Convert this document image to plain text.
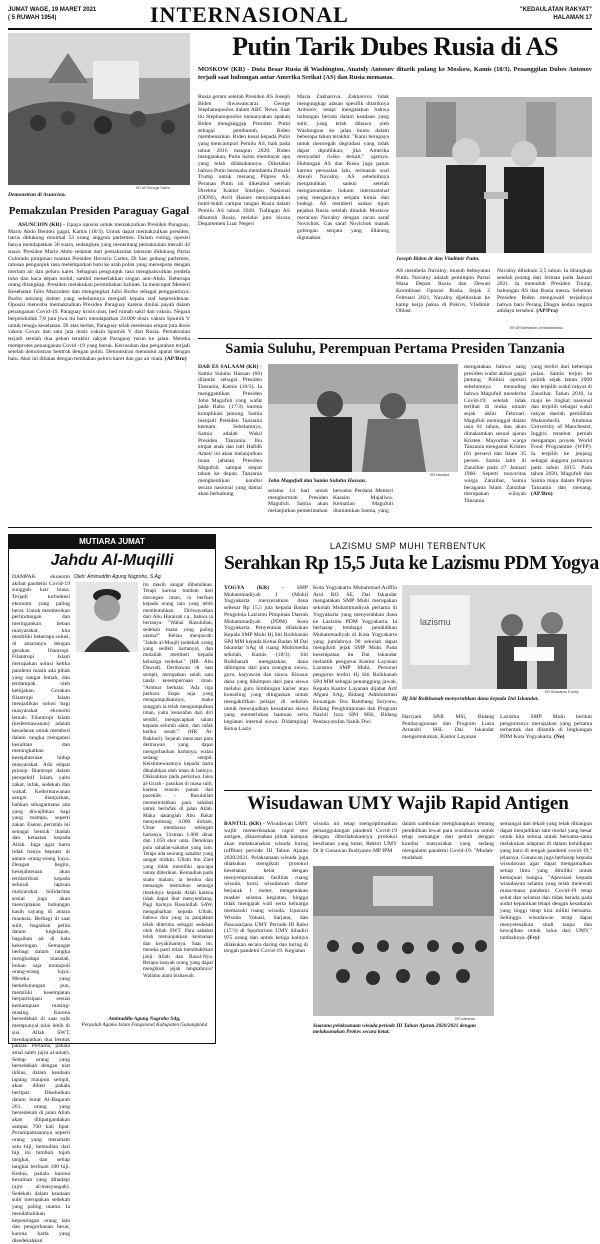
JUMAT WAGE, 19 MARET 2021
( 5 RUWAH 1954)	INTERNASIONAL	"KEDAULATAN RAKYAT"
HALAMAN 17
KR-AP/George Saenz
Demonstran di Asuncion.
Pemakzulan Presiden Paraguay Gagal

ASUNCION (KR) - Upaya oposisi untuk memakzulkan Presiden Paraguay, Mario Abdo Benitez gagal, Kamis (18/3). Untuk dapat memakzulkan presiden, harus didukung minimal 53 orang anggota parlemen. Dalam voting, oposisi hanya mendapatkan 36 suara, sedangkan yang menentang pemakzulan meraih 42 suara. Presiden Mario Abdo selamat dari pemakzulan lantaran didukung Partai Colorado pimpinan mantan Presiden Horacio Cartes. Di luar gedung parlemen, ratusan pengunjuk rasa melemparkan batu ke arah polisi yang merespons dengan meriam air dan peluru karet. Sebagian pengunjuk rasa menghancurkan jendela toko dan kaca depan mobil, sambil meneriakkan slogan anti-Abdo. Beberapa orang ditangkap. Presiden melakukan perombakan kabinet. Ia mencopot Menteri Kesehatan Julio Mazzoleni dan mengangkat Julio Borba sebagai penggantinya. Borba seorang dokter yang sebelumnya menjadi kepala staf kepresidenan. Oposisi mencoba memakzulkan Presiden Paraguay karena dinilai payah dalam penanganan Covid-19. Paraguay krisis obat, bed rumah sakit dan vaksin. Negara berpenduduk 7,8 juta jiwa itu baru mendapatkan 24.000 dosis vaksin Sputnik V untuk tenaga kesehatan. Di atas kertas, Paraguay telah memesan empat juta dosis vaksin Covax dan satu juta dosis vaksin Sputnik V dari Rusia. Pemakzulan terjadi setelah dua pekan terakhir rakyat Paraguay turun ke jalan. Mereka memprotes penanganan Covid -19 yang buruk. Kerusuhan dan penjarahan terjadi setelah demonstran bentrok dengan polisi. Demonstran menuntut aparat dengan batu. Aksi ini dibalas dengan tembakan peluru karet dan gas air mata. (AP/Bro)

Putin Tarik Dubes Rusia di AS
MOSKOW (KR) - Duta Besar Rusia di Washington, Anatoly Antonov ditarik pulang ke Moskow, Kamis (18/3). Penanggilan Dubes Antonov terjadi saat hubungan antar Amerika Serikat (AS) dan Rusia memanas.
Rusia geram setelah Presiden AS Joseph Biden diwawancarai George Stephanopoulos dalam ABC News. Saat itu Stephanopoulos menanyakan apakah Biden menganggap Presiden Putin sebagai pembunuh, Biden membenarkan. Biden kesal kepada Putin yang mencampuri Pemilu AS, baik pada tahun 2016 maupun 2020. Biden mengatakan, Putin harus membayar apa yang telah dilakukannya. Diketahui bahwa Putin berusaha membantu Donald Trump untuk menang Pilpres AS. Peranan Putin ini diketahui setelah Direktur Kantor Intelijen Nasional (ODNI), Avril Haines menyampaikan bukti-bukti campur tangan Rusia dalam Pemilu AS tahun 2020. Tudingan AS dibantah Rusia, melalui juru bicara Departemen Luar Negeri
Maria Zakharova. Zakharova tidak mengungkap alasan spesifik ditariknya Antonov, tetapi mengatakan bahwa hubungan berada dalam keadaan yang sulit, yang telah dibawa oleh Washington ke jalan buntu dalam beberapa tahun terakhir. "Kami berupaya untuk mencegah degradasi yang tidak dapat dipulihkan, jika Amerika menyadari risiko terkait," ujarnya. Hubungan AS dan Rusia juga panas karena persoalan lain, termasuk soal Alexei Navalny. AS sebelumnya menjatuhkan sanksi setelah mengumumkan hukum internasional yang menganiaya senjata kimia dan bodogi. AS memberi sanksi tujuh pejabat Rusia setelah dituduh Moskow meracuni Navalny dengan racun saraf Novichok. Gas saraf Novichok masuk golongan senjata yang dilarang digunakan.
KR-AP/Alexander Zemlianichenko
Joseph Biden dr dan Vladimir Putin.
AS membela Navalny, musuh bebuyutan Putin. Navalny adalah pemimpin Partai Masa Depan Rusia dan Dewan Koordinasi Oposisi Rusia. Sejak 2 Februari 2021, Navalny dijebloskan ke kamp kerja paksa di Pokrov, Vladimir Oblast.
Navalny dihukum 2,5 tahun. Ia ditangkap setelah pulang dari Jerman pada Januari 2021. Ia menuduh Presiden Trump, hubungan AS dan Rusia mesra. Sebelum Presiden Biden mengawali terjadinya bahwa baru Perang Dingin kedua negara adidaya tersebut. (AP/Pra)
Samia Suluhu, Perempuan Pertama Presiden Tanzania
DAR ES SALAAM (KR) - Samia Suluhu Hassan (60) dilantik sebagai Presiden Tanzania, Kamis (18/3). Ia menggantikan Presiden John Magufuli yang wafat pada Rabu (17/3) karena komplikasi jantung. Samia menjadi Presiden Tanzania keenam. Sebelumnya, Samia adalah Wakil Presiden Tanzania. Ibu empat anak dan istri Hafidh Ameir ini akan melanjutkan masa jabatan Presiden Magufuli sampai empat tahun ke depan. Tanzania menghentikan kondisi secara nasional yang damai akan berkabung
KR-Handout
John Magufuli dan Samia Suluhu Hassan.
selama 14 hari untuk menghormati Presiden Magufuli. Samia akan melanjutkan pemerintahan
bersama Perdana Menteri Kassim Majaliwa. Kematian Magufuli diumumkan Samia, yang
mengatakan bahwa sang presiden wafat akibat gagal jantung. Politisi oposisi sebelumnya menuding bahwa Magufuli menderita Covid-19, setelah tidak terlihat di muka umum sejak akhir Februari. Magufuli meninggal dalam usia 61 tahun, dan akan dimakamkan sesuai ajaran Kristen. Mayoritas warga Tanzania menganut Kristen (61 persen) dan Islam 35 persen. Samia lahir di Zanzibar pada 27 Januari 1960. Seperti mayoritas warga Zanzibar, Samia beragama Islam. Zanzibar merupakan wilayah Tanzania
yang terdiri dari beberapa pulau. Samia terjun ke politik sejak tahun 2000 dan terpilih wakil rakyat di Zanzibar. Tahun 2010, ia maju ke tingkat nasional dan terpilih sebagai wakil rakyat daerah pemilihan Makunduchi. Alumnus University of Manchester, Inggris tersebut pernah mengampu proyek World Food Programme (WFP). Ia terpilih ke jenjang sebagai anggota partainya pada tahun 2015. Pada tahun 2020, Magufuli dan Samia maju dalam Pilpres Tanzania dan menang. (AP/Bro)
MUTIARA JUMAT
Jahdu Al-Muqilli
DAMPAK ekonomi akibat pandemi Covid-19 sungguh luar biasa. Terjadi turbulensi ekonomi yang paling berat. Untuk memberikan perlindungan dan meringankan beban masyarakat, kita memiliki beberapa solusi, di antaranya dengan gerakan filantropi. Filantropi Islam merupakan solusi ketika pandemi masih ada pihak yang sangat lemah, dan terdampak oleh kebijakan. Gerakan filantropi Islam menjadikan solusi bagi masyarakat ekonomi lemah. Filantropi Islam (kedermawanan) adalah kesadaran untuk memberi dalam rangka mengatasi kesulitan dan meningkatkan kesejahteraan hidup masyarakat. Ada empat prinsip filantropi dalam perspektif Islam, yaitu zakat, infak, sedekah dan wakaf. Kedermawanan sangat dianjurkan, bahkan sebagaimana ada yang diwajibkan bagi yang mampu, seperti zakat. Esensi perintah ini sebagai bentuk ibadah dan ketaatan kepada Allah. Juga agar harta tidak hanya beputar di antara orang-orang kaya. Dengan begitu, kesejahteraan akan terdistribusi kepada seluruh lapisan masyarakat. Solidaritas sosial juga akan menciptakan hubungan kasih sayang di antara manusia. Berbagi di saat sulit, bagaikan pelita dalam kegelapan, bagaikan air di kala kekeringan. Semangat berbagi dalam rangka menghadapi masalah, bukan saja monopoli orang-orang kaya. Mereka yang berkekurangan pun, memiliki kesempatan berpartisipasi sesuai kemampuan masing-masing. Karena bersedekah di saat sulit mempunyai nilai lebih di sisi Allah SWT, mendapatkan dua bentuk pahala. Pertama, pahala amal saleh (ajru al-amal). Sedap orang yang bersedekah dengan niat ikhlas, dalam keadaan lapang maupun sempit, akan diberi pahala berlipat. Disebutkan dalam Surat Al-Baqarah 261, orang yang bersedekah di jalan Allah akan dilipatgandakan sampai 700 kali lipat. Perumpamaannya seperti orang yang menanam satu biji, kemudian dari biji itu tumbuh tujuh tangkai, dan setiap tangkai berbuah 100 biji. Kedua, pahala karena kesulitan yang dihadapi (ajru al-masyaqqah). Sedekah dalam keadaan sulit merupakan sedekah yang paling utama. Ia mendahulukan kepentingan orang lain dan pengorbanan besar, karena harta yang disedekahkan
Oleh: Aminuddin Agung Nugroho, S.Ag.
itu masih sangat dibutuhkan. Tetapi karena tumbuh dari dorongan iman, ia berikan kepada orang lain yang lebih membutuhkan. Diriwayatkan dari Abu Hurairah r.a., bahwa ia bertanya: "Wahai Rasulullah, sedekah mana yang paling utama?" Beliau menjawab: "Jahdu al-Muqill (sedekah orang yang sedikit hartanya), dan mulailah memberi kepada keluarga terdekat." (HR. Abu Dawud). Dermawan di saat sempit, merupakan salah satu tanda kesempurnaan iman. "Ammar berkata: 'Ada tiga perkara. Siapa saja yang mengumpulkannya, maka sungguh ia telah mengumpulkan iman, yaitu keinsafan dari diri sendiri, mengucapkan salam kepada seluruh alam, dan infak ketika susah'." (HR. Al-Bukhari). Sejarah mencatat para dermawan yang dapat mengorbankan hartanya, walau sedang sempit. Keistimewaannya kepada harta dikalahkan oleh iman di hatinya. Dikisahkan pada peristiwa Jaisu al-Usrah - pasukan di masa sulit, karena musim panas dan paceklik - Rasulullah memerintahkan para sahabat untuk berinfak di jalan Allah. Maka datanglah Abu Bakar menyumbang 4.000 dirham, Umar membawa setengah hartanya, Utsman 1.000 dinar dan 1.050 ekor unta. Demikian pula sahabat-sahabat yang lain. Tetapi ada seorang sahabat yang sangat miskin, Ulbah bin Zaid yang tidak memiliki apa-apa untuk diberikan. Kemudian pada suatu malam, ia berdoa dan menangis memohon semoga rezekinya kepada Allah karena tidak dapat ikut menyumbang. Pagi harinya Rasulullah SAW, mengabarkan kepada Ulbah, bahwa doa yang ia panjatkan telah diterima sebagai sedekah oleh Allah SWT. Para sahabat telah menunjukkan keimanan dan keyakinannya. Saat ini, mereka pasti telah membuktikan janji Allah dan Rasul-Nya. Berapa banyak orang yang dapat mengikuti jejak langkahnya? Wallahu alam bishawab.
Aminuddin Agung Nugroho SAg,
Penyuluh Agama Islam Fungsional Kabupaten Gunungkidul
LAZISMU SMP MUHI TERBENTUK
Serahkan Rp 15,5 Juta ke Lazismu PDM Yogya
YOGYA (KR) - SMP Muhammadiyah 1 (Muhi) Yogyakarta menyerahkan dana sebesar Rp 15,5 juta kepada Badan Pengelola Lazismu Pimpinan Daerah Muhammadiyah (PDM) Kota Yogyakarta. Penyerahan dilakukan Kepala SMP Muhi Hj Siti Roikhanah SPd MM kepada Ketua Badan M Dai Iskandar SAg di ruang Multimedia sekolah, Kamis (18/3). Siti Roikhanah mengatakan, dana dihimpun dari para orangtua siswa, guru, karyawan dan siswa. Khusus dana yang dihimpun dari para siswa melalui guru bimbingan karier atau konseling yang ditugaskan untuk mengaktifkan pelajar di sekolah untuk mewujudkan kesadaran siswa yang memerlukan bantuan serta kegiatan internal siswa. Didampingi Ketua Lazis
Kota Yogyakarta Muhammad Ariffin Arul RO SE, Dai Iskandar mengatakan SMP Muhi merupakan sekolah Muhammadiyah pertama di Yogyakarta yang menyerahkan dana ke Lazismu PDM Yogyakarta. Ia berharap lembaga pendidikan Muhammadiyah di Kota Yogyakarta yang jumlahnya 90 sekolah dapat mengikuti jejak SMP Muhi. Pada kesempatan itu Dai Iskandar melantik pengurus Kantor Layanan Lazismu SMP Muhi. Personel pengurus terdiri Hj Siti Roikhanah SPd MM sebagai penanggung jawab, Kepala Kantor Layanan dijabat Arif Afgani SAg, Bidang Administrasi Keuangan Dra Bambang Suryono, Bidang Penghimpunan dan Program Nazhil Izza SPd MSi, Bidang Pentasyarufan Nanik Dwi
lazismu
KR-Sciacarno S Adhy
Hj Siti Roikhanah menyerahkan dana kepada Dai Iskandar.
Hariyani SPdI MSi, Bidang Pendayagunaan dan Program Lusia Artandri SHI. Dai Iskandar mengemukakan, Kantor Layanan
Lazismu SMP Muhi berikut pengurusnya merupakan yang pertama terbentuk dan dilantik di lingkungan PDM Kota Yogyakarta. (No)
Wisudawan UMY Wajib Rapid Antigen
BANTUL (KR) - Wisudawan UMY wajib memeriksakan rapid test antigen, dikarenakan pihak kampus akan melaksanakan wisuda luring (offline) periode III Tahun Ajaran 2020/2021. Pelaksanaan wisuda juga dilakukan mengikuti protokol kesehatan ketat dengan menyempurnakan fasilitas ruang wisuda, kursi wisudawan diatur berjarak 1 meter, mengenakan masker selama kegiatan, hingga tidak mengajak wali serta keluarga memasuki ruang wisuda. Upacara Wisuda Vokasi, Sarjana, dan Pascasarjana UMY Periode III Rabu (17/3) di Sportorium UMY dihadiri 975 orang dan untuk ketiga kalinya dilakukan secara daring dan luring di tengah pandemi Covid-19. Kegiatan
wisuda ini tetap mengoptimalkan penanggulangan pandemi Covid-19 dengan diberlakukannya protokol kesehatan yang ketat. Rektor UMY Dr Ir Gunawan Budiyanto MP IPM
dalam sambutan mengharapkan tentang pendidikan lewat para wisudawan untuk tetap semangat dan peduli dengan kondisi masyarakat yang sedang mengalami pandemi Covid-19. "Mudah-mudahan
KR-Istimewa
Suasana pelaksanaan wisuda periode III Tahun Ajaran 2020/2021 dengan melaksanakan Prokes secara ketat.
semangat dan tekad yang telah dibangun dapat menjadikan satu modal yang besar untuk kita semua untuk bersama-sama melakukan adaptasi di dalam kehidupan yang baru di tengah pandemi covid-19," jelasnya. Gunawan juga berharap kepada wisudawan agar dapat mengamalkan setiap ilmu yang dimiliki untuk kemajuan bangsa. "Apresiasi kepada wisudawan selama yang telah melewati masa-masa pandemi. Covid-19 tetap sehat dan selamat dan tidak berada pada sudut kepanikan tetapi dengan kesadaran yang tinggi tetap kita miliki bersama. Sehingga wisudawan tetap dapat menyelesaikan studi tanpa dan kewajiban untuk lulus dari UMY," tambahnya. (Fsy)
